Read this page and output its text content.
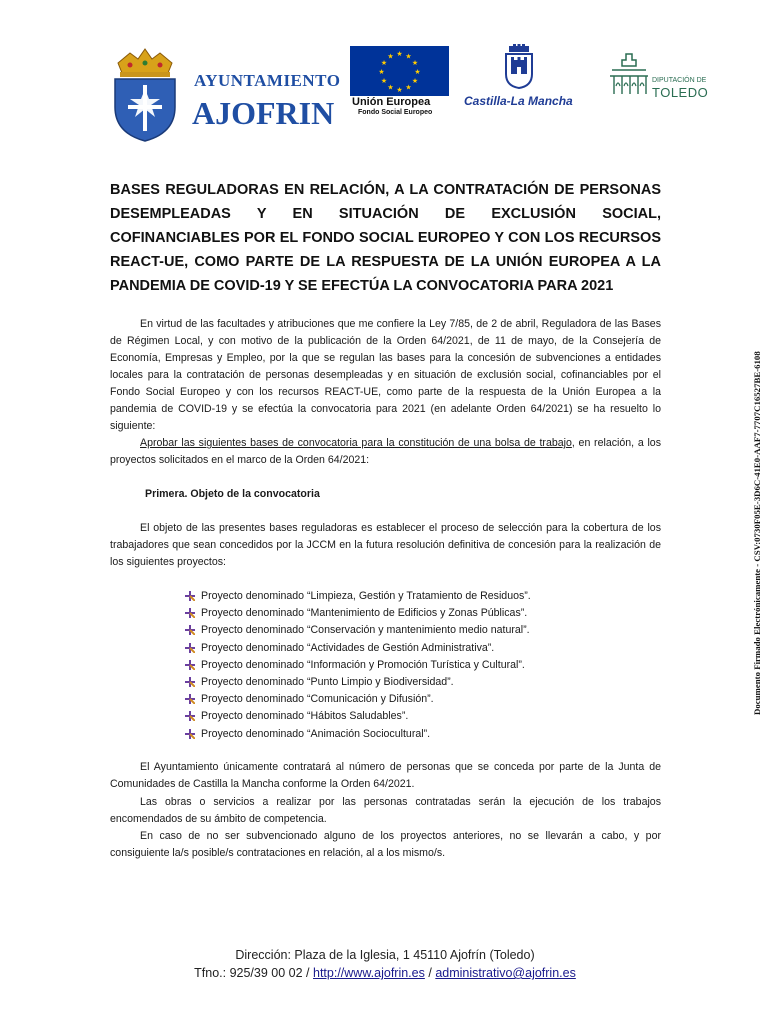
AYUNTAMIENTO
AJOFRIN
★ ★
★
★
★
★
★
★
★
★
★
★
Unión Europea
Fondo Social Europeo
Castilla-La Mancha
DIPUTACIÓN DE
TOLEDO
BASES REGULADORAS EN RELACIÓN, A LA CONTRATACIÓN DE PERSONAS
DESEMPLEADAS Y EN SITUACIÓN DE EXCLUSIÓN SOCIAL,
COFINANCIABLES POR EL FONDO SOCIAL EUROPEO Y CON LOS RECURSOS
REACT-UE, COMO PARTE DE LA RESPUESTA DE LA UNIÓN EUROPEA A LA
PANDEMIA DE COVID-19 Y SE EFECTÚA LA CONVOCATORIA PARA 2021
En virtud de las facultades y atribuciones que me confiere la Ley 7/85, de 2 de abril, Reguladora de las Bases de Régimen Local, y con motivo de la publicación de la Orden 64/2021, de 11 de mayo, de la Consejería de Economía, Empresas y Empleo, por la que se regulan las bases para la concesión de subvenciones a entidades locales para la contratación de personas desempleadas y en situación de exclusión social, cofinanciables por el Fondo Social Europeo y con los recursos REACT-UE, como parte de la respuesta de la Unión Europea a la pandemia de COVID-19 y se efectúa la convocatoria para 2021 (en adelante Orden 64/2021) se ha resuelto lo siguiente:
Aprobar las siguientes bases de convocatoria para la constitución de una bolsa de trabajo, en relación, a los proyectos solicitados en el marco de la Orden 64/2021:
Primera. Objeto de la convocatoria
El objeto de las presentes bases reguladoras es establecer el proceso de selección para la cobertura de los trabajadores que sean concedidos por la JCCM en la futura resolución definitiva de concesión para la realización de los siguientes proyectos:
Proyecto denominado “Limpieza, Gestión y Tratamiento de Residuos”.
Proyecto denominado “Mantenimiento de Edificios y Zonas Públicas”.
Proyecto denominado “Conservación y mantenimiento medio natural”.
Proyecto denominado “Actividades de Gestión Administrativa”.
Proyecto denominado “Información y Promoción Turística y Cultural”.
Proyecto denominado “Punto Limpio y Biodiversidad”.
Proyecto denominado “Comunicación y Difusión”.
Proyecto denominado “Hábitos Saludables”.
Proyecto denominado “Animación Sociocultural”.
El Ayuntamiento únicamente contratará al número de personas que se conceda por parte de la Junta de Comunidades de Castilla la Mancha conforme la Orden 64/2021.
Las obras o servicios a realizar por las personas contratadas serán la ejecución de los trabajos encomendados de su ámbito de competencia.
En caso de no ser subvencionado alguno de los proyectos anteriores, no se llevarán a cabo, y por consiguiente la/s posible/s contrataciones en relación, al a los mismo/s.
Dirección: Plaza de la Iglesia, 1 45110 Ajofrín (Toledo)
Tfno.: 925/39 00 02 / http://www.ajofrin.es / administrativo@ajofrin.es
Documento Firmado Electrónicamente - CSV:0730F05E-3D6C-41E0-AAF7-7707C16527BE-6108
